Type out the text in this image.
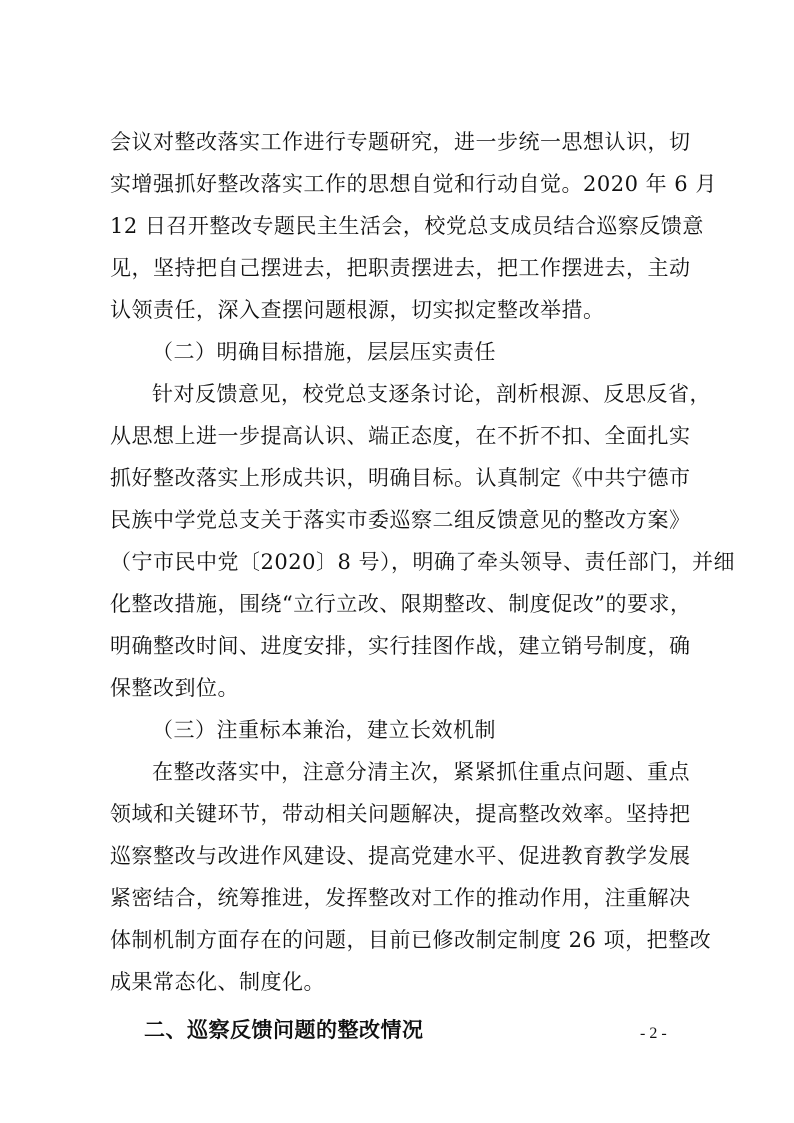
会议对整改落实工作进行专题研究，进一步统一思想认识，切
实增强抓好整改落实工作的思想自觉和行动自觉。2020 年 6 月
12 日召开整改专题民主生活会，校党总支成员结合巡察反馈意
见，坚持把自己摆进去，把职责摆进去，把工作摆进去，主动
认领责任，深入查摆问题根源，切实拟定整改举措。
（二）明确目标措施，层层压实责任
针对反馈意见，校党总支逐条讨论，剖析根源、反思反省，
从思想上进一步提高认识、端正态度，在不折不扣、全面扎实
抓好整改落实上形成共识，明确目标。认真制定《中共宁德市
民族中学党总支关于落实市委巡察二组反馈意见的整改方案》
（宁市民中党〔2020〕8 号），明确了牵头领导、责任部门，并细
化整改措施，围绕“立行立改、限期整改、制度促改”的要求，
明确整改时间、进度安排，实行挂图作战，建立销号制度，确
保整改到位。
（三）注重标本兼治，建立长效机制
在整改落实中，注意分清主次，紧紧抓住重点问题、重点
领域和关键环节，带动相关问题解决，提高整改效率。坚持把
巡察整改与改进作风建设、提高党建水平、促进教育教学发展
紧密结合，统筹推进，发挥整改对工作的推动作用，注重解决
体制机制方面存在的问题，目前已修改制定制度 26 项，把整改
成果常态化、制度化。
二、巡察反馈问题的整改情况	- 2 -
